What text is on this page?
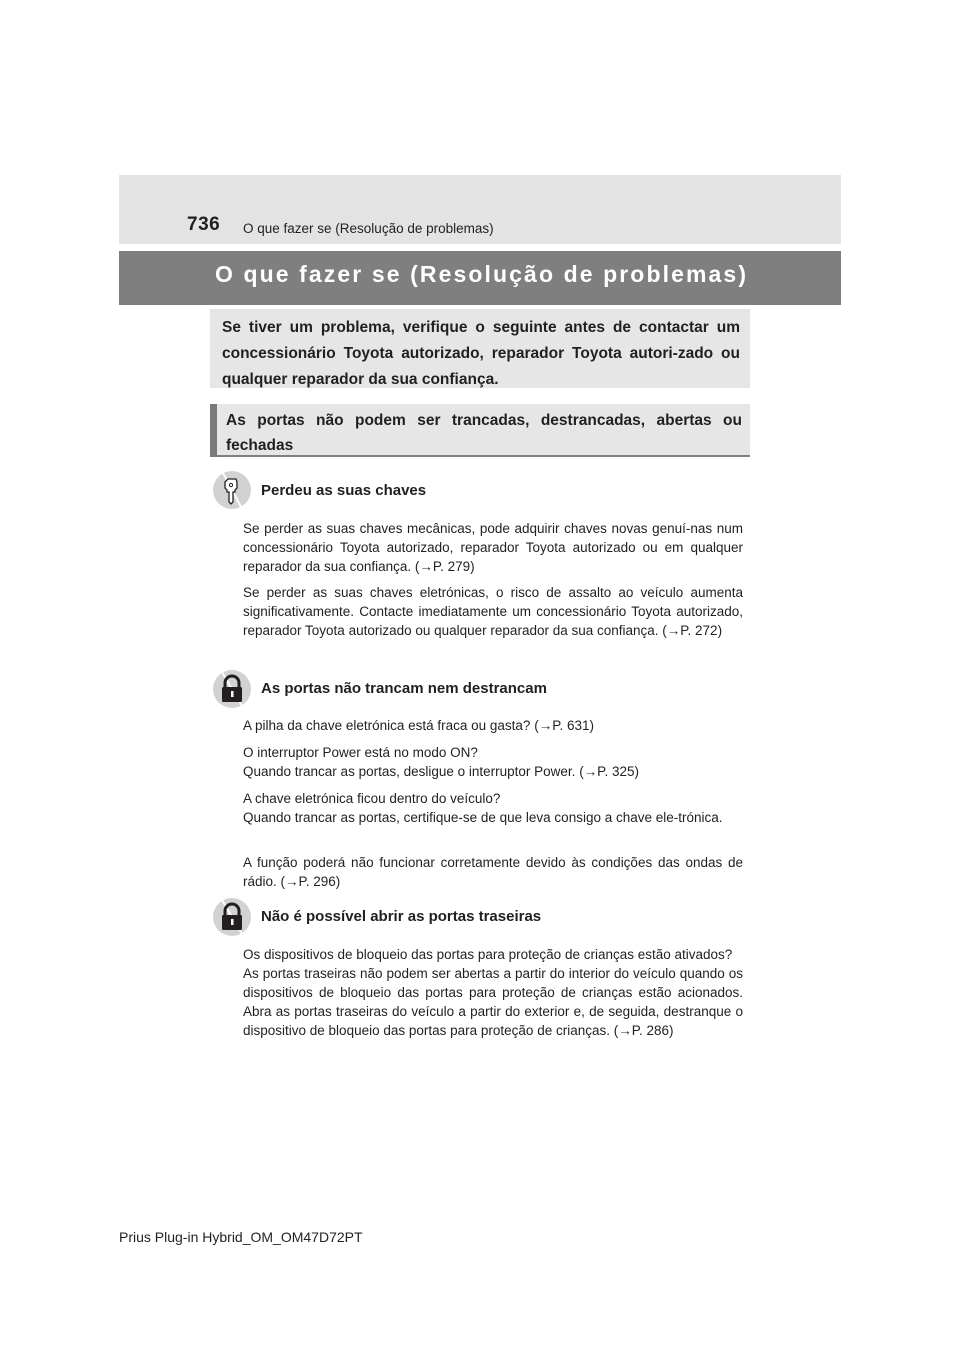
736 O que fazer se (Resolução de problemas)
O que fazer se (Resolução de problemas)
Se tiver um problema, verifique o seguinte antes de contactar um concessionário Toyota autorizado, reparador Toyota autori-zado ou qualquer reparador da sua confiança.
As portas não podem ser trancadas, destrancadas, abertas ou fechadas
Perdeu as suas chaves
Se perder as suas chaves mecânicas, pode adquirir chaves novas genuí-nas num concessionário Toyota autorizado, reparador Toyota autorizado ou em qualquer reparador da sua confiança. (→P. 279)
Se perder as suas chaves eletrónicas, o risco de assalto ao veículo aumenta significativamente. Contacte imediatamente um concessionário Toyota autorizado, reparador Toyota autorizado ou qualquer reparador da sua confiança. (→P. 272)
As portas não trancam nem destrancam
A pilha da chave eletrónica está fraca ou gasta? (→P. 631)
O interruptor Power está no modo ON?
Quando trancar as portas, desligue o interruptor Power. (→P. 325)
A chave eletrónica ficou dentro do veículo?
Quando trancar as portas, certifique-se de que leva consigo a chave ele-trónica.
A função poderá não funcionar corretamente devido às condições das ondas de rádio. (→P. 296)
Não é possível abrir as portas traseiras
Os dispositivos de bloqueio das portas para proteção de crianças estão ativados?
As portas traseiras não podem ser abertas a partir do interior do veículo quando os dispositivos de bloqueio das portas para proteção de crianças estão acionados. Abra as portas traseiras do veículo a partir do exterior e, de seguida, destranque o dispositivo de bloqueio das portas para proteção de crianças. (→P. 286)
Prius Plug-in Hybrid_OM_OM47D72PT
